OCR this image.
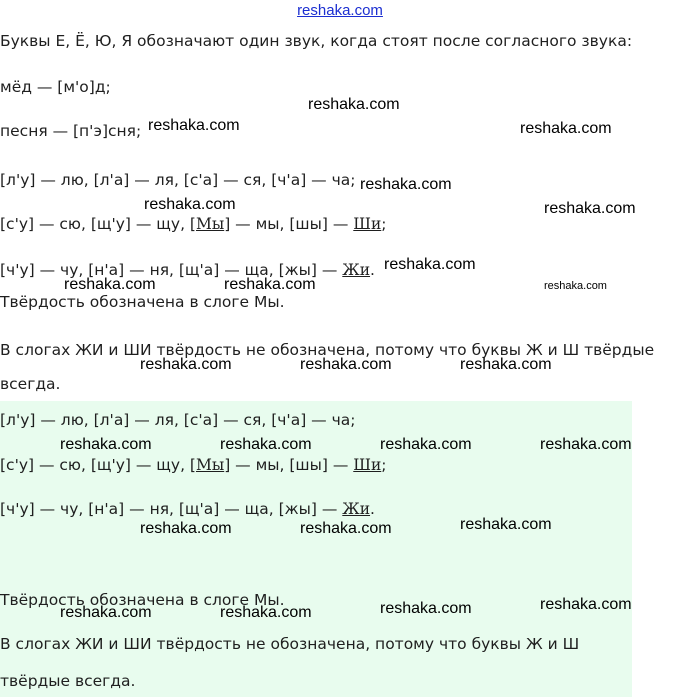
reshaka.com
Буквы Е, Ё, Ю, Я обозначают один звук, когда стоят после согласного звука:
мёд — [м'о]д;
песня — [п'э]сня;
[л'у] — лю, [л'а] — ля, [с'а] — ся, [ч'а] — ча;
[с'у] — сю, [щ'у] — щу, [Мы] — мы, [шы] — Ши;
[ч'у] — чу, [н'а] — ня, [щ'а] — ща, [жы] — Жи.
Твёрдость обозначена в слоге Мы.
В слогах ЖИ и ШИ твёрдость не обозначена, потому что буквы Ж и Ш твёрдые
всегда.
[л'у] — лю, [л'а] — ля, [с'а] — ся, [ч'а] — ча;
[с'у] — сю, [щ'у] — щу, [Мы] — мы, [шы] — Ши;
[ч'у] — чу, [н'а] — ня, [щ'а] — ща, [жы] — Жи.
Твёрдость обозначена в слоге Мы.
В слогах ЖИ и ШИ твёрдость не обозначена, потому что буквы Ж и Ш
твёрдые всегда.
reshaka.com
reshaka.com	reshaka.com
reshaka.com
reshaka.com	reshaka.com
reshaka.com
reshaka.com	reshaka.com	reshaka.com
reshaka.com	reshaka.com	reshaka.com
reshaka.com	reshaka.com	reshaka.com	reshaka.com
reshaka.com	reshaka.com	reshaka.com
reshaka.com	reshaka.com	reshaka.com	reshaka.com
